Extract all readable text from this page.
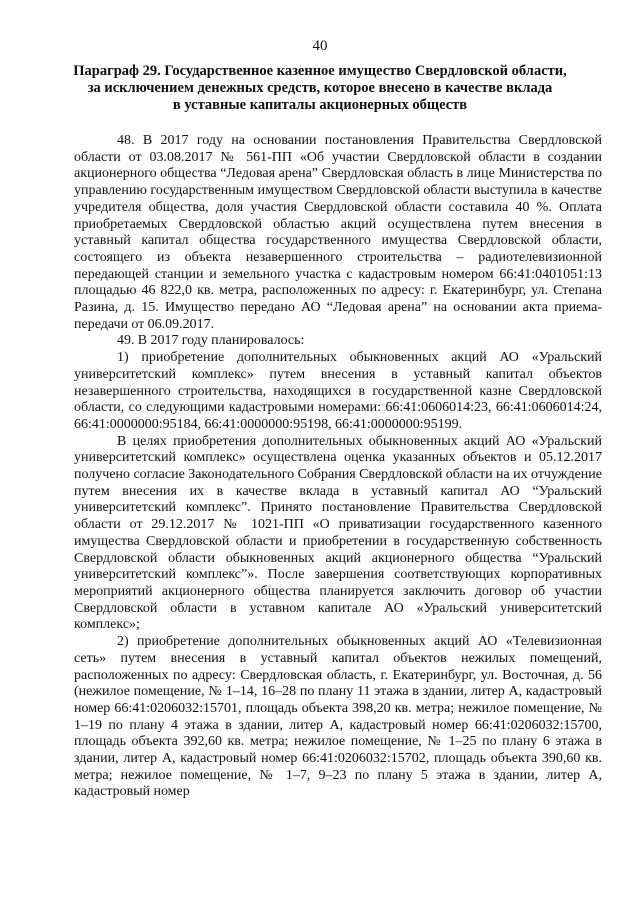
40
Параграф 29. Государственное казенное имущество Свердловской области,
за исключением денежных средств, которое внесено в качестве вклада
в уставные капиталы акционерных обществ

48. В 2017 году на основании постановления Правительства Свердловской области от 03.08.2017 № 561-ПП «Об участии Свердловской области в создании акционерного общества “Ледовая арена” Свердловская область в лице Министерства по управлению государственным имуществом Свердловской области выступила в качестве учредителя общества, доля участия Свердловской области составила 40 %. Оплата приобретаемых Свердловской областью акций осуществлена путем внесения в уставный капитал общества государственного имущества Свердловской области, состоящего из объекта незавершенного строительства – радиотелевизионной передающей станции и земельного участка с кадастровым номером 66:41:0401051:13 площадью 46 822,0 кв. метра, расположенных по адресу: г. Екатеринбург, ул. Степана Разина, д. 15. Имущество передано АО “Ледовая арена” на основании акта приема-передачи от 06.09.2017.

49. В 2017 году планировалось:

1) приобретение дополнительных обыкновенных акций АО «Уральский университетский комплекс» путем внесения в уставный капитал объектов незавершенного строительства, находящихся в государственной казне Свердловской области, со следующими кадастровыми номерами: 66:41:0606014:23, 66:41:0606014:24, 66:41:0000000:95184, 66:41:0000000:95198, 66:41:0000000:95199.

В целях приобретения дополнительных обыкновенных акций АО «Уральский университетский комплекс» осуществлена оценка указанных объектов и 05.12.2017 получено согласие Законодательного Собрания Свердловской области на их отчуждение путем внесения их в качестве вклада в уставный капитал АО “Уральский университетский комплекс”. Принято постановление Правительства Свердловской области от 29.12.2017 № 1021-ПП «О приватизации государственного казенного имущества Свердловской области и приобретении в государственную собственность Свердловской области обыкновенных акций акционерного общества “Уральский университетский комплекс”». После завершения соответствующих корпоративных мероприятий акционерного общества планируется заключить договор об участии Свердловской области в уставном капитале АО «Уральский университетский комплекс»;

2) приобретение дополнительных обыкновенных акций АО «Телевизионная сеть» путем внесения в уставный капитал объектов нежилых помещений, расположенных по адресу: Свердловская область, г. Екатеринбург, ул. Восточная, д. 56 (нежилое помещение, № 1–14, 16–28 по плану 11 этажа в здании, литер А, кадастровый номер 66:41:0206032:15701, площадь объекта 398,20 кв. метра; нежилое помещение, № 1–19 по плану 4 этажа в здании, литер А, кадастровый номер 66:41:0206032:15700, площадь объекта 392,60 кв. метра; нежилое помещение, № 1–25 по плану 6 этажа в здании, литер А, кадастровый номер 66:41:0206032:15702, площадь объекта 390,60 кв. метра; нежилое помещение, № 1–7, 9–23 по плану 5 этажа в здании, литер А, кадастровый номер
